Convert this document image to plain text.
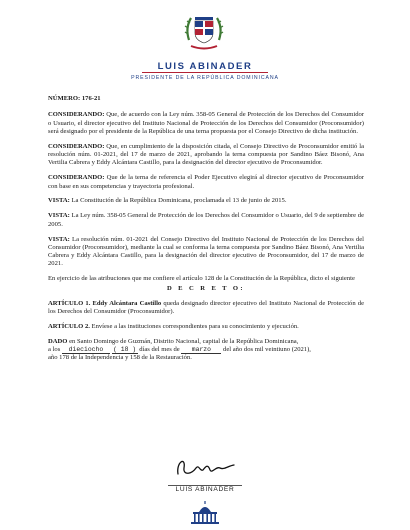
LUIS ABINADER
PRESIDENTE DE LA REPÚBLICA DOMINICANA

NÚMERO: 176-21

CONSIDERANDO: Que, de acuerdo con la Ley núm. 358-05 General de Protección de los Derechos del Consumidor o Usuario, el director ejecutivo del Instituto Nacional de Protección de los Derechos del Consumidor (Proconsumidor) será designado por el presidente de la República de una terna propuesta por el Consejo Directivo de dicha institución.

CONSIDERANDO: Que, en cumplimiento de la disposición citada, el Consejo Directivo de Proconsumidor emitió la resolución núm. 01-2021, del 17 de marzo de 2021, aprobando la terna compuesta por Sandino Báez Bisonó, Ana Vertilia Cabrera y Eddy Alcántara Castillo, para la designación del director ejecutivo de Proconsumidor.

CONSIDERANDO: Que de la terna de referencia el Poder Ejecutivo elegirá al director ejecutivo de Proconsumidor con base en sus competencias y trayectoria profesional.

VISTA: La Constitución de la República Dominicana, proclamada el 13 de junio de 2015.

VISTA: La Ley núm. 358-05 General de Protección de los Derechos del Consumidor o Usuario, del 9 de septiembre de 2005.

VISTA: La resolución núm. 01-2021 del Consejo Directivo del Instituto Nacional de Protección de los Derechos del Consumidor (Proconsumidor), mediante la cual se conforma la terna compuesta por Sandino Báez Bisonó, Ana Vertilia Cabrera y Eddy Alcántara Castillo, para la designación del director ejecutivo de Proconsumidor, del 17 de marzo de 2021.

En ejercicio de las atribuciones que me confiere el artículo 128 de la Constitución de la República, dicto el siguiente

D E C R E T O:

ARTÍCULO 1. Eddy Alcántara Castillo queda designado director ejecutivo del Instituto Nacional de Protección de los Derechos del Consumidor (Proconsumidor).

ARTÍCULO 2. Envíese a las instituciones correspondientes para su conocimiento y ejecución.

DADO en Santo Domingo de Guzmán, Distrito Nacional, capital de la República Dominicana,
a los dieciocho ( 18 ) días del mes de marzo del año dos mil veintiuno (2021),
año 178 de la Independencia y 158 de la Restauración.

LUIS ABINADER
